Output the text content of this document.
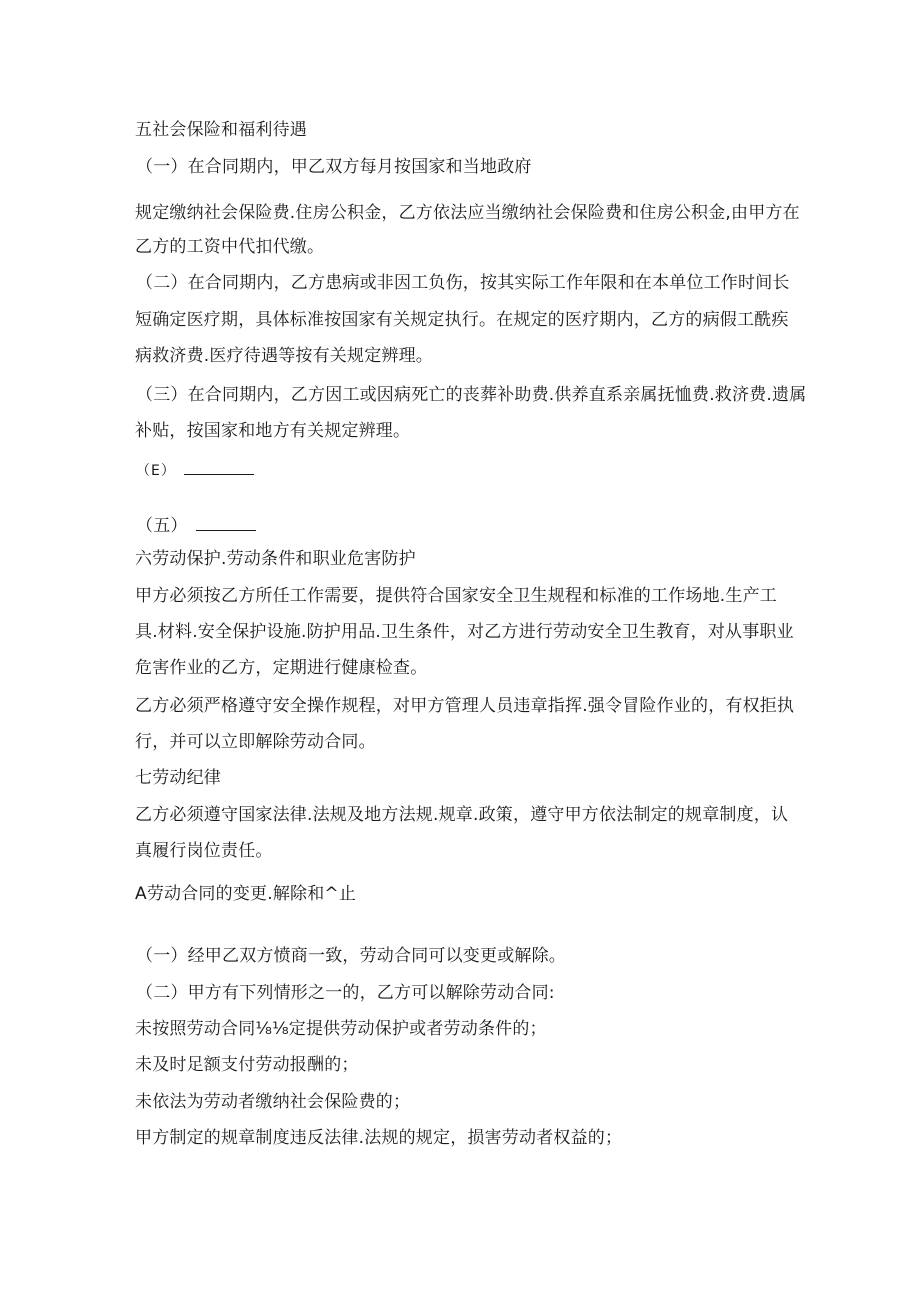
五社会保险和福利待遇
（一）在合同期内，甲乙双方每月按国家和当地政府
规定缴纳社会保险费.住房公积金，乙方依法应当缴纳社会保险费和住房公积金,由甲方在
乙方的工资中代扣代缴。
（二）在合同期内，乙方患病或非因工负伤，按其实际工作年限和在本单位工作时间长
短确定医疗期，具体标准按国家有关规定执行。在规定的医疗期内，乙方的病假工酰疾
病救济费.医疗待遇等按有关规定辨理。
（三）在合同期内，乙方因工或因病死亡的丧葬补助费.供养直系亲属抚恤费.救济费.遗属
补贴，按国家和地方有关规定辨理。
（E）
（五）
六劳动保护.劳动条件和职业危害防护
甲方必须按乙方所任工作需要，提供符合国家安全卫生规程和标准的工作场地.生产工
具.材料.安全保护设施.防护用品.卫生条件，对乙方进行劳动安全卫生教育，对从事职业
危害作业的乙方，定期进行健康检查。
乙方必须严格遵守安全操作规程，对甲方管理人员违章指挥.强令冒险作业的，有权拒执
行，并可以立即解除劳动合同。
七劳动纪律
乙方必须遵守国家法律.法规及地方法规.规章.政策，遵守甲方依法制定的规章制度，认
真履行岗位责任。
A劳动合同的变更.解除和^止
（一）经甲乙双方愤商一致，劳动合同可以变更或解除。
（二）甲方有下列情形之一的，乙方可以解除劳动合同:
未按照劳动合同⅛⅛定提供劳动保护或者劳动条件的；
未及时足额支付劳动报酬的；
未依法为劳动者缴纳社会保险费的；
甲方制定的规章制度违反法律.法规的规定，损害劳动者权益的；
